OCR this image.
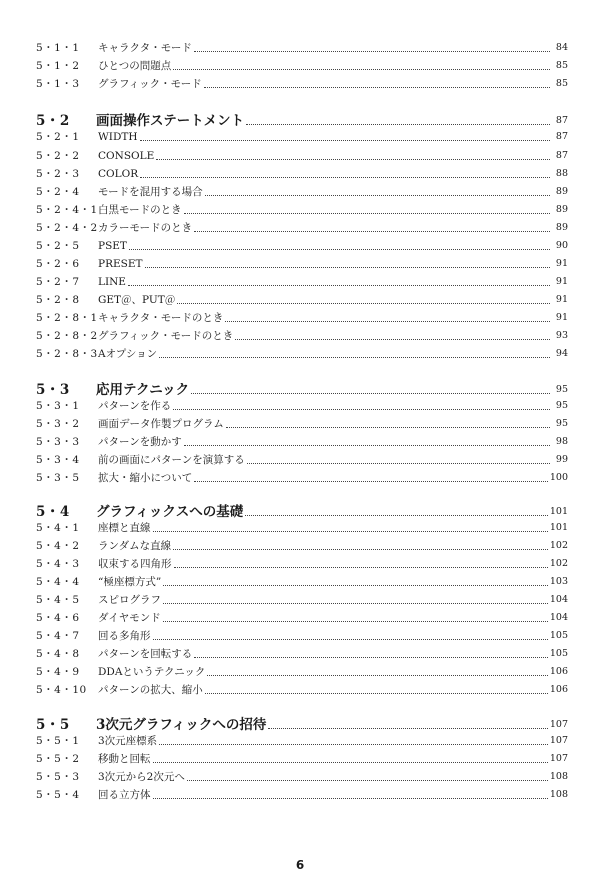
5・1・1	キャラクタ・モード	84
5・1・2	ひとつの問題点	85
5・1・3	グラフィック・モード	85
5・2	画面操作ステートメント	87
5・2・1	WIDTH	87
5・2・2	CONSOLE	87
5・2・3	COLOR	88
5・2・4	モードを混用する場合	89
5・2・4・1 白黒モードのとき	89
5・2・4・2 カラーモードのとき	89
5・2・5	PSET	90
5・2・6	PRESET	91
5・2・7	LINE	91
5・2・8	GET＠、PUT＠	91
5・2・8・1 キャラクタ・モードのとき	91
5・2・8・2 グラフィック・モードのとき	93
5・2・8・3 Aオプション	94
5・3	応用テクニック	95
5・3・1	パターンを作る	95
5・3・2	画面データ作製プログラム	95
5・3・3	パターンを動かす	98
5・3・4	前の画面にパターンを演算する	99
5・3・5	拡大・縮小について	100
5・4	グラフィックスへの基礎	101
5・4・1	座標と直線	101
5・4・2	ランダムな直線	102
5・4・3	収束する四角形	102
5・4・4	“極座標方式”	103
5・4・5	スピログラフ	104
5・4・6	ダイヤモンド	104
5・4・7	回る多角形	105
5・4・8	パターンを回転する	105
5・4・9	DDAというテクニック	106
5・4・10	パターンの拡大、縮小	106
5・5	3次元グラフィックへの招待	107
5・5・1	3次元座標系	107
5・5・2	移動と回転	107
5・5・3	3次元から2次元へ	108
5・5・4	回る立方体	108
6
